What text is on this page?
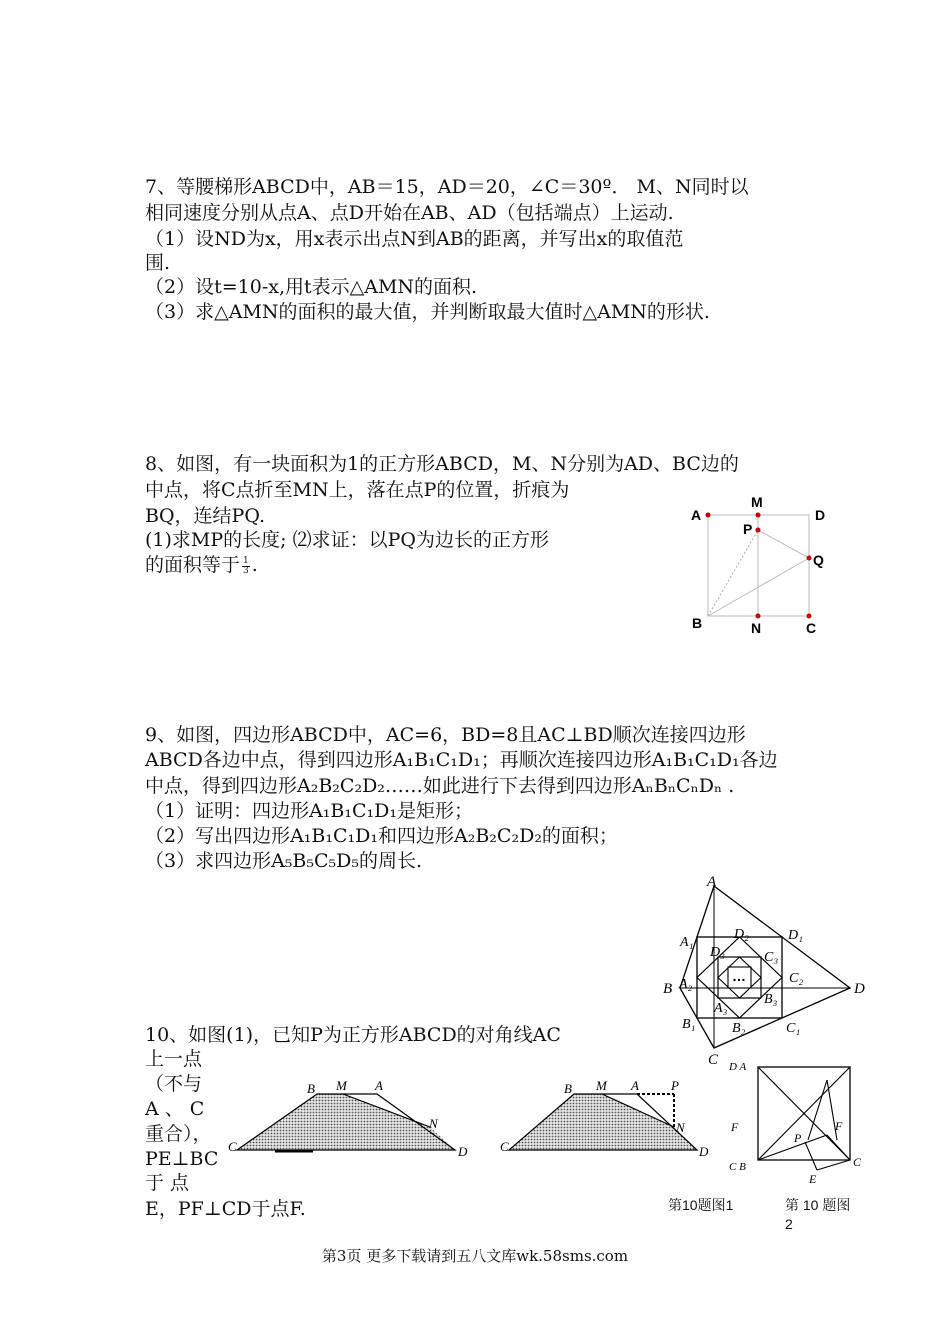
7、等腰梯形ABCD中，AB＝15，AD＝20，∠C＝30º． M、N同时以
相同速度分别从点A、点D开始在AB、AD（包括端点）上运动.
（1）设ND为x，用x表示出点N到AB的距离，并写出x的取值范
围.
（2）设t=10-x,用t表示△AMN的面积.
（3）求△AMN的面积的最大值，并判断取最大值时△AMN的形状.
8、如图，有一块面积为1的正方形ABCD，M、N分别为AD、BC边的
中点，将C点折至MN上，落在点P的位置，折痕为
BQ，连结PQ.
(1)求MP的长度; ⑵求证：以PQ为边长的正方形
的面积等于 $\frac{1}{3}$ .
A
M
D
P
Q
B	N	C
9、如图，四边形ABCD中，AC=6，BD=8且AC⊥BD顺次连接四边形
ABCD各边中点，得到四边形A₁B₁C₁D₁；再顺次连接四边形A₁B₁C₁D₁各边
中点，得到四边形A₂B₂C₂D₂……如此进行下去得到四边形AₙBₙCₙDₙ .
（1）证明：四边形A₁B₁C₁D₁是矩形；
（2）写出四边形A₁B₁C₁D₁和四边形A₂B₂C₂D₂的面积；
（3）求四边形A₅B₅C₅D₅的周长.
…
A
B
C
D
A₁
B₁	C₁
D₁
A₂
B₂
C₂
D₂
A₃
B₃
C₃
D₃
10、如图(1)，已知P为正方形ABCD的对角线AC
上一点
（不与
A 、 C
重合），
PE⊥BC
于 点
E，PF⊥CD于点F.
B M A
N
C	D
B M A P
N
C	D
D A
F
P
F
E
C B	C
第10题图1	第 10 题图2
第3页 更多下载请到五八文库wk.58sms.com
